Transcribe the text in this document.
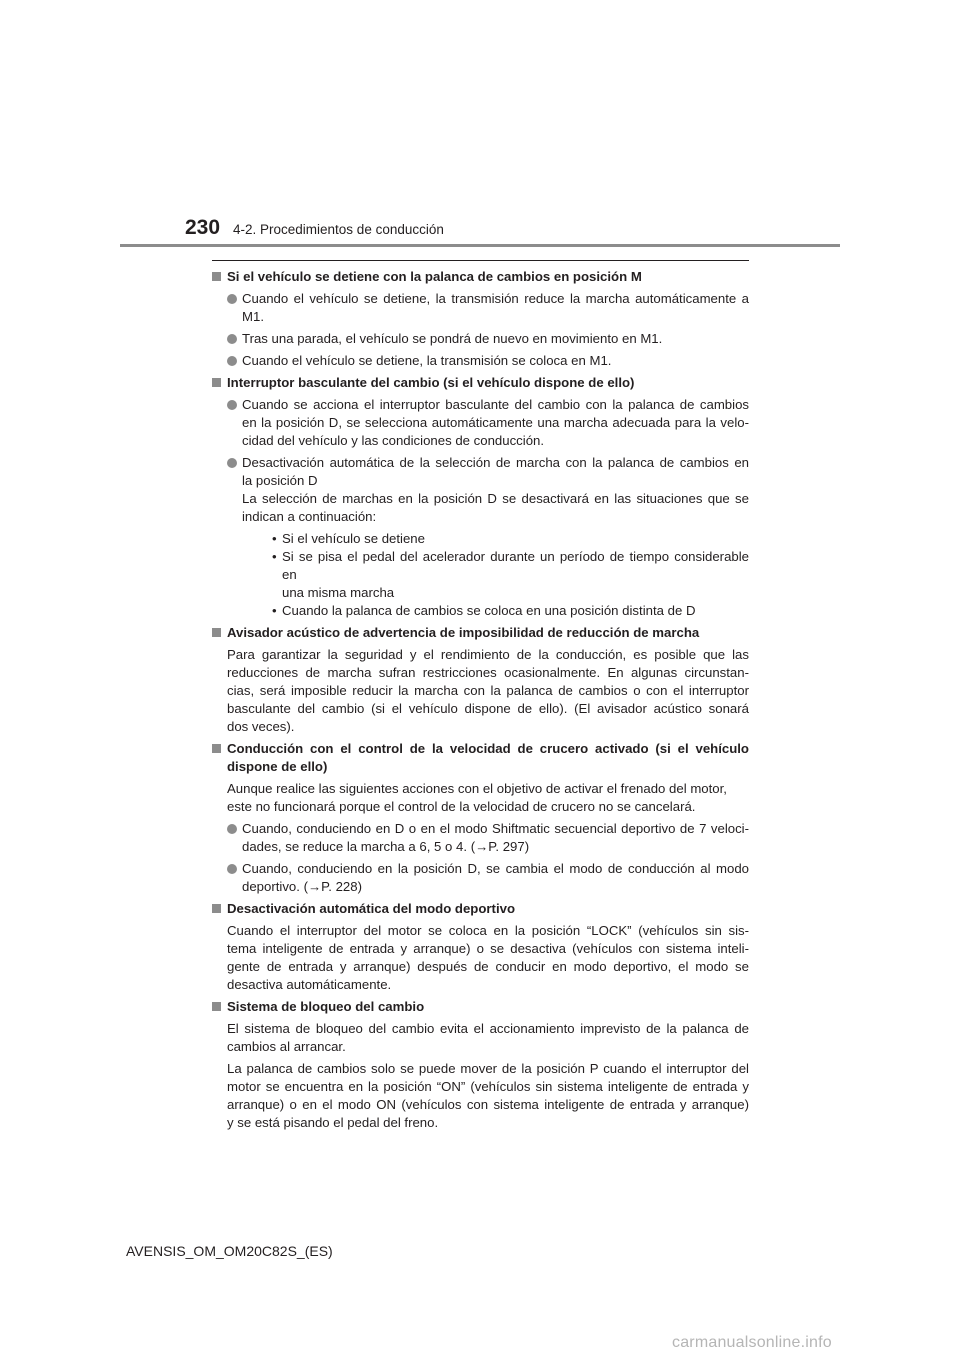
230 4-2. Procedimientos de conducción
Si el vehículo se detiene con la palanca de cambios en posición M
Cuando el vehículo se detiene, la transmisión reduce la marcha automáticamente a
M1.
Tras una parada, el vehículo se pondrá de nuevo en movimiento en M1.
Cuando el vehículo se detiene, la transmisión se coloca en M1.
Interruptor basculante del cambio (si el vehículo dispone de ello)
Cuando se acciona el interruptor basculante del cambio con la palanca de cambios
en la posición D, se selecciona automáticamente una marcha adecuada para la velo-
cidad del vehículo y las condiciones de conducción.
Desactivación automática de la selección de marcha con la palanca de cambios en
la posición D
La selección de marchas en la posición D se desactivará en las situaciones que se
indican a continuación:
• Si el vehículo se detiene
• Si se pisa el pedal del acelerador durante un período de tiempo considerable en
una misma marcha
• Cuando la palanca de cambios se coloca en una posición distinta de D
Avisador acústico de advertencia de imposibilidad de reducción de marcha
Para garantizar la seguridad y el rendimiento de la conducción, es posible que las
reducciones de marcha sufran restricciones ocasionalmente. En algunas circunstan-
cias, será imposible reducir la marcha con la palanca de cambios o con el interruptor
basculante del cambio (si el vehículo dispone de ello). (El avisador acústico sonará
dos veces).
Conducción con el control de la velocidad de crucero activado (si el vehículo
dispone de ello)
Aunque realice las siguientes acciones con el objetivo de activar el frenado del motor,
este no funcionará porque el control de la velocidad de crucero no se cancelará.
Cuando, conduciendo en D o en el modo Shiftmatic secuencial deportivo de 7 veloci-
dades, se reduce la marcha a 6, 5 o 4. (→P. 297)
Cuando, conduciendo en la posición D, se cambia el modo de conducción al modo
deportivo. (→P. 228)
Desactivación automática del modo deportivo
Cuando el interruptor del motor se coloca en la posición “LOCK” (vehículos sin sis-
tema inteligente de entrada y arranque) o se desactiva (vehículos con sistema inteli-
gente de entrada y arranque) después de conducir en modo deportivo, el modo se
desactiva automáticamente.
Sistema de bloqueo del cambio
El sistema de bloqueo del cambio evita el accionamiento imprevisto de la palanca de
cambios al arrancar.
La palanca de cambios solo se puede mover de la posición P cuando el interruptor del
motor se encuentra en la posición “ON” (vehículos sin sistema inteligente de entrada y
arranque) o en el modo ON (vehículos con sistema inteligente de entrada y arranque)
y se está pisando el pedal del freno.
AVENSIS_OM_OM20C82S_(ES)
carmanualsonline.info
